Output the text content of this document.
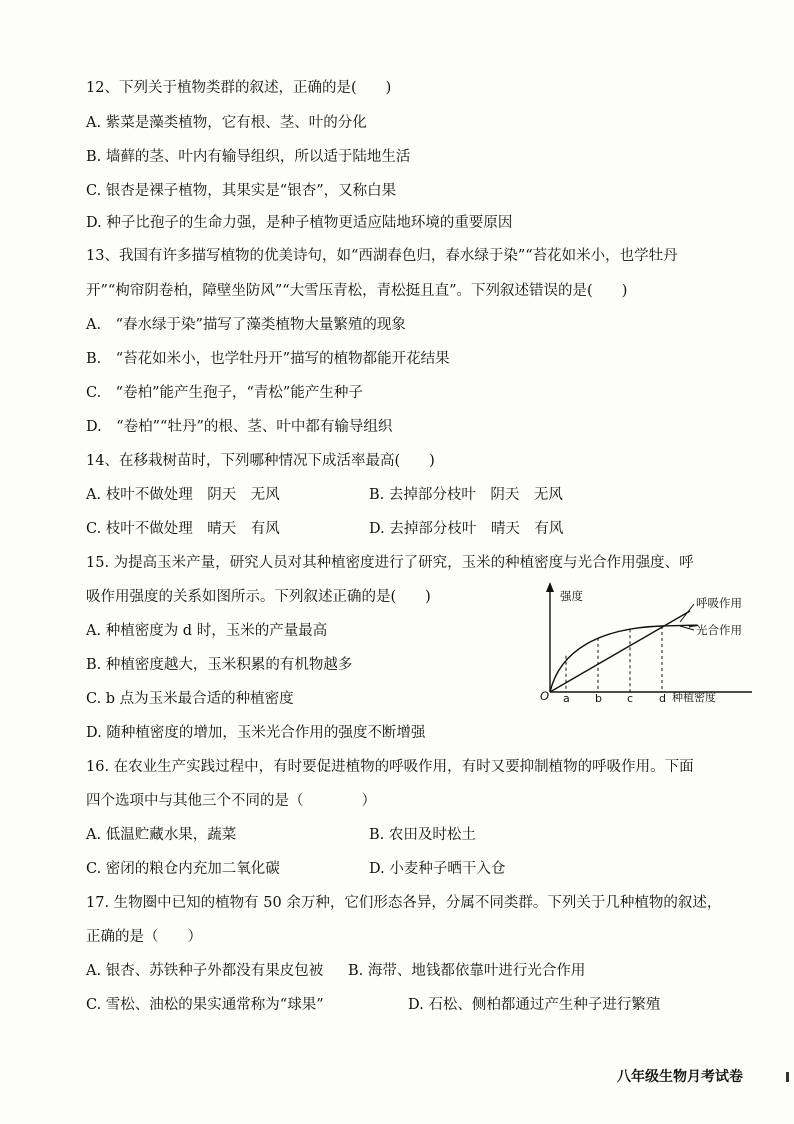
12、下列关于植物类群的叙述，正确的是(　　)
A. 紫菜是藻类植物，它有根、茎、叶的分化
B. 墙藓的茎、叶内有输导组织，所以适于陆地生活
C. 银杏是裸子植物，其果实是“银杏”，又称白果
D. 种子比孢子的生命力强，是种子植物更适应陆地环境的重要原因
13、我国有许多描写植物的优美诗句，如“西湖春色归，春水绿于染”“苔花如米小，也学牡丹
开”“枸帘阴卷柏，障壁坐防风”“大雪压青松，青松挺且直”。下列叙述错误的是(　　)
A.　“春水绿于染”描写了藻类植物大量繁殖的现象
B.　“苔花如米小，也学牡丹开”描写的植物都能开花结果
C.　“卷柏”能产生孢子，“青松”能产生种子
D.　“卷柏”“牡丹”的根、茎、叶中都有输导组织
14、在移栽树苗时，下列哪种情况下成活率最高(　　)
A. 枝叶不做处理　阴天　无风	B. 去掉部分枝叶　阴天　无风
C. 枝叶不做处理　晴天　有风	D. 去掉部分枝叶　晴天　有风
15. 为提高玉米产量，研究人员对其种植密度进行了研究，玉米的种植密度与光合作用强度、呼
吸作用强度的关系如图所示。下列叙述正确的是(　　)
A. 种植密度为 d 时，玉米的产量最高
B. 种植密度越大，玉米积累的有机物越多
C. b 点为玉米最合适的种植密度
D. 随种植密度的增加，玉米光合作用的强度不断增强
强度
O	种植密度
呼吸作用
光合作用
a b c d
16. 在农业生产实践过程中，有时要促进植物的呼吸作用，有时又要抑制植物的呼吸作用。下面
四个选项中与其他三个不同的是（　　　　）
A. 低温贮藏水果，蔬菜	B. 农田及时松土
C. 密闭的粮仓内充加二氧化碳	D. 小麦种子晒干入仓
17. 生物圈中已知的植物有 50 余万种，它们形态各异，分属不同类群。下列关于几种植物的叙述，
正确的是（　　）
A. 银杏、苏铁种子外都没有果皮包被 B. 海带、地钱都依靠叶进行光合作用
C. 雪松、油松的果实通常称为“球果”	D. 石松、侧柏都通过产生种子进行繁殖
八年级生物月考试卷
